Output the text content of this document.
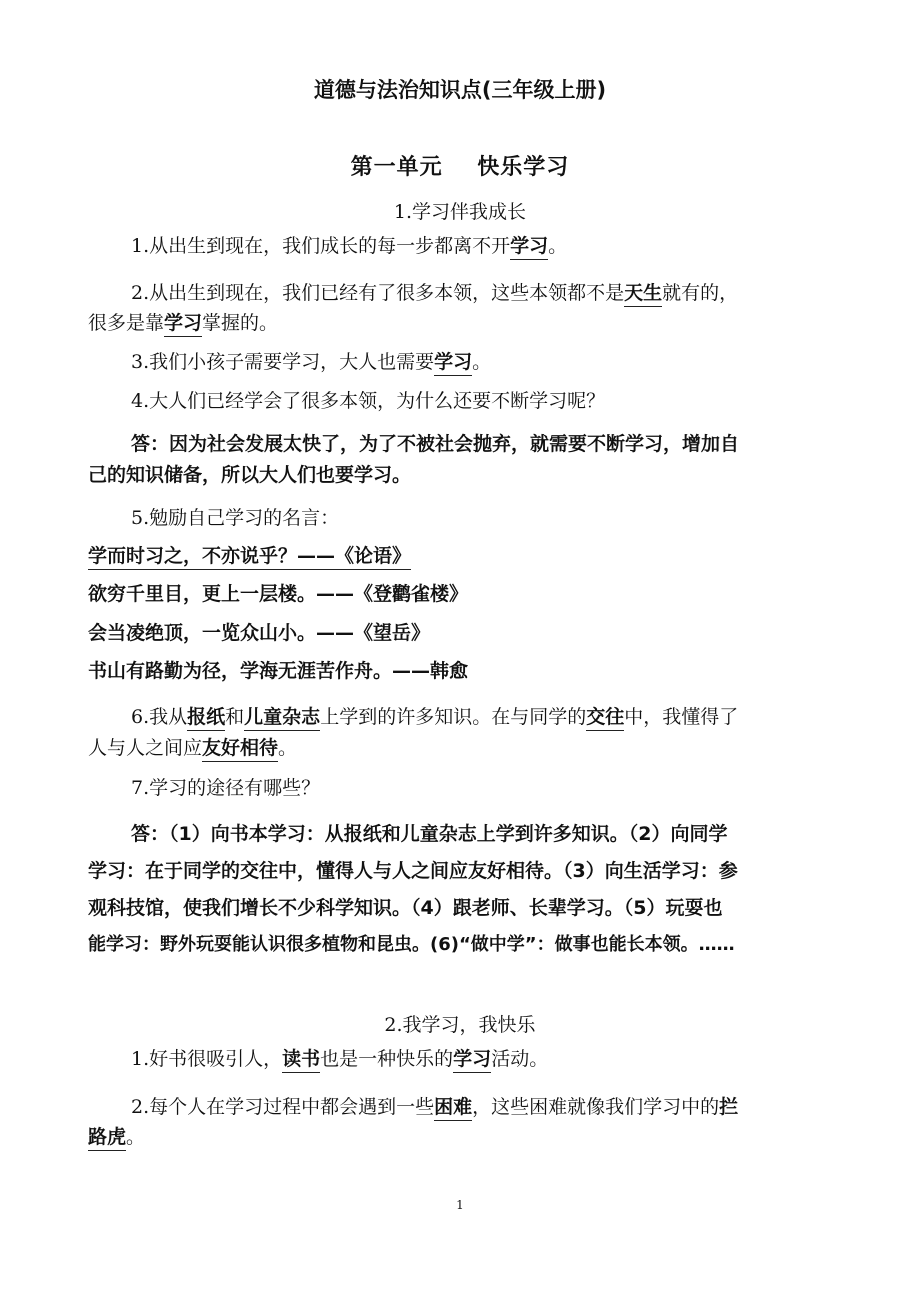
道德与法治知识点(三年级上册)
第一单元    快乐学习
1.学习伴我成长
1.从出生到现在，我们成长的每一步都离不开学习。
2.从出生到现在，我们已经有了很多本领，这些本领都不是天生就有的，
很多是靠学习掌握的。
3.我们小孩子需要学习，大人也需要学习。
4.大人们已经学会了很多本领，为什么还要不断学习呢？
答：因为社会发展太快了，为了不被社会抛弃，就需要不断学习，增加自
己的知识储备，所以大人们也要学习。
5.勉励自己学习的名言：
学而时习之，不亦说乎？——《论语》
欲穷千里目，更上一层楼。——《登鹳雀楼》
会当凌绝顶，一览众山小。——《望岳》
书山有路勤为径，学海无涯苦作舟。——韩愈
6.我从报纸和儿童杂志上学到的许多知识。在与同学的交往中，我懂得了
人与人之间应友好相待。
7.学习的途径有哪些？
答：（1）向书本学习：从报纸和儿童杂志上学到许多知识。（2）向同学
学习：在于同学的交往中，懂得人与人之间应友好相待。（3）向生活学习：参
观科技馆，使我们增长不少科学知识。（4）跟老师、长辈学习。（5）玩耍也
能学习：野外玩耍能认识很多植物和昆虫。(6)“做中学”：做事也能长本领。……
2.我学习，我快乐
1.好书很吸引人，读书也是一种快乐的学习活动。
2.每个人在学习过程中都会遇到一些困难，这些困难就像我们学习中的拦
路虎。
1
